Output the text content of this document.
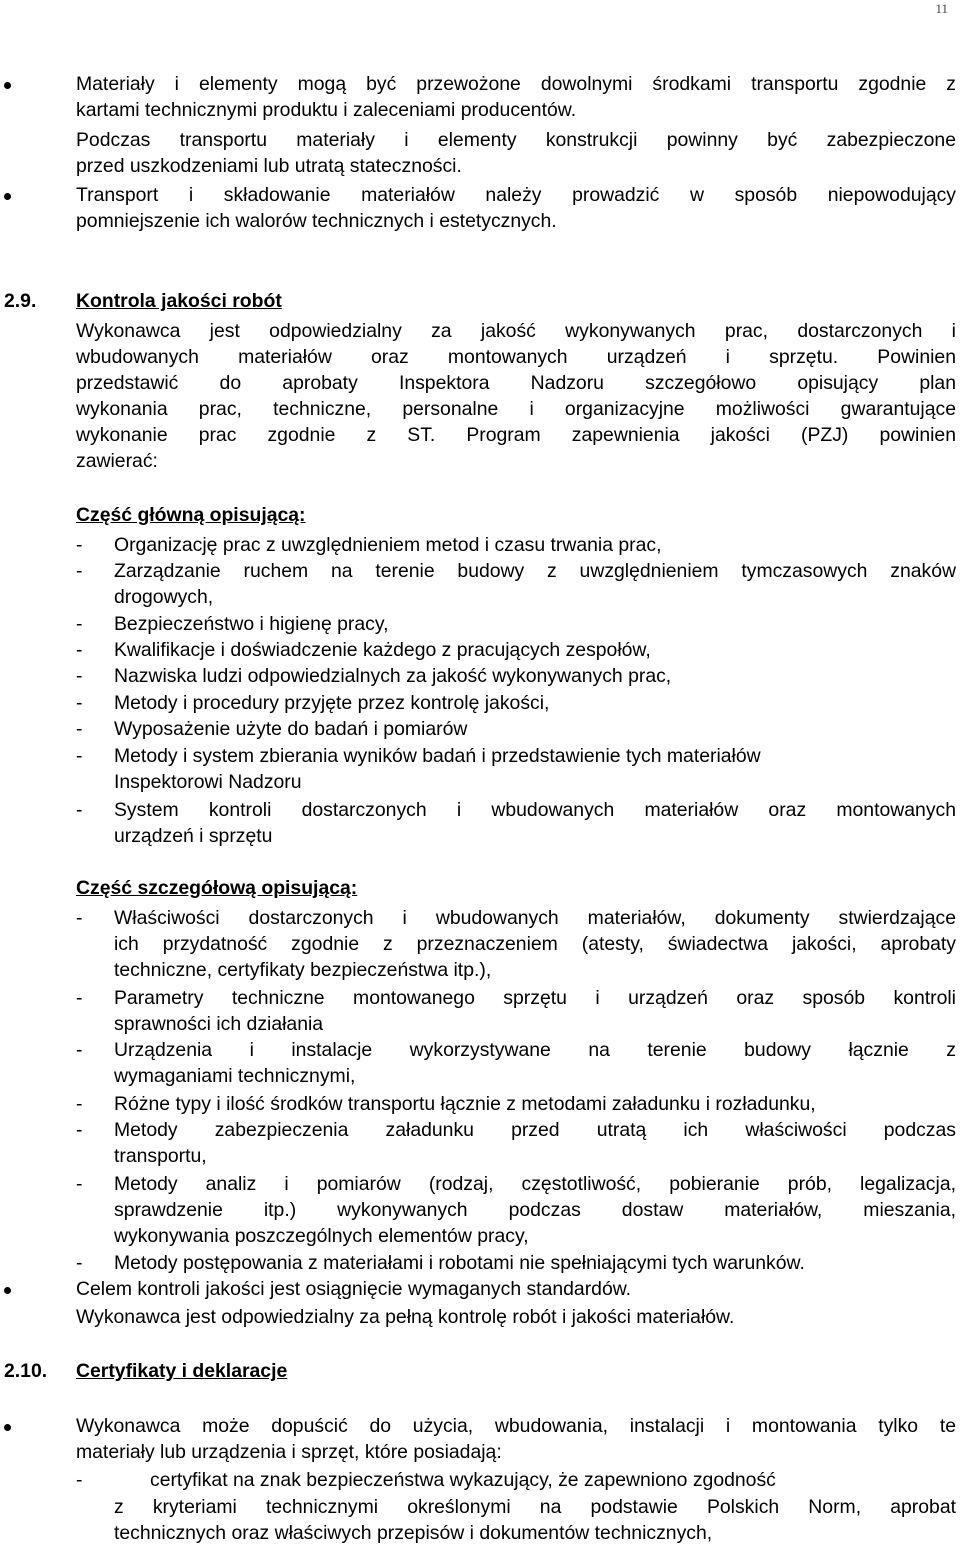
11
Materiały i elementy mogą być przewożone dowolnymi środkami transportu zgodnie z
kartami technicznymi produktu i zaleceniami producentów.
Podczas transportu materiały i elementy konstrukcji powinny być zabezpieczone
przed uszkodzeniami lub utratą stateczności.
Transport i składowanie materiałów należy prowadzić w sposób niepowodujący
pomniejszenie ich walorów technicznych i estetycznych.
2.9. Kontrola jakości robót
Wykonawca jest odpowiedzialny za jakość wykonywanych prac, dostarczonych i
wbudowanych materiałów oraz montowanych urządzeń i sprzętu. Powinien
przedstawić do aprobaty Inspektora Nadzoru szczegółowo opisujący plan
wykonania prac, techniczne, personalne i organizacyjne możliwości gwarantujące
wykonanie prac zgodnie z ST. Program zapewnienia jakości (PZJ) powinien
zawierać:
Część główną opisującą:
- Organizację prac z uwzględnieniem metod i czasu trwania prac,
- Zarządzanie ruchem na terenie budowy z uwzględnieniem tymczasowych znaków
drogowych,
- Bezpieczeństwo i higienę pracy,
- Kwalifikacje i doświadczenie każdego z pracujących zespołów,
- Nazwiska ludzi odpowiedzialnych za jakość wykonywanych prac,
- Metody i procedury przyjęte przez kontrolę jakości,
- Wyposażenie użyte do badań i pomiarów
- Metody i system zbierania wyników badań i przedstawienie tych materiałów
Inspektorowi Nadzoru
- System kontroli dostarczonych i wbudowanych materiałów oraz montowanych
urządzeń i sprzętu
Część szczegółową opisującą:
- Właściwości dostarczonych i wbudowanych materiałów, dokumenty stwierdzające
ich przydatność zgodnie z przeznaczeniem (atesty, świadectwa jakości, aprobaty
techniczne, certyfikaty bezpieczeństwa itp.),
- Parametry techniczne montowanego sprzętu i urządzeń oraz sposób kontroli
sprawności ich działania
- Urządzenia i instalacje wykorzystywane na terenie budowy łącznie z
wymaganiami technicznymi,
- Różne typy i ilość środków transportu łącznie z metodami załadunku i rozładunku,
- Metody zabezpieczenia załadunku przed utratą ich właściwości podczas
transportu,
- Metody analiz i pomiarów (rodzaj, częstotliwość, pobieranie prób, legalizacja,
sprawdzenie itp.) wykonywanych podczas dostaw materiałów, mieszania,
wykonywania poszczególnych elementów pracy,
- Metody postępowania z materiałami i robotami nie spełniającymi tych warunków.
Celem kontroli jakości jest osiągnięcie wymaganych standardów.
Wykonawca jest odpowiedzialny za pełną kontrolę robót i jakości materiałów.
2.10. Certyfikaty i deklaracje
Wykonawca może dopuścić do użycia, wbudowania, instalacji i montowania tylko te
materiały lub urządzenia i sprzęt, które posiadają:
-	certyfikat na znak bezpieczeństwa wykazujący, że zapewniono zgodność
z kryteriami technicznymi określonymi na podstawie Polskich Norm, aprobat
technicznych oraz właściwych przepisów i dokumentów technicznych,
